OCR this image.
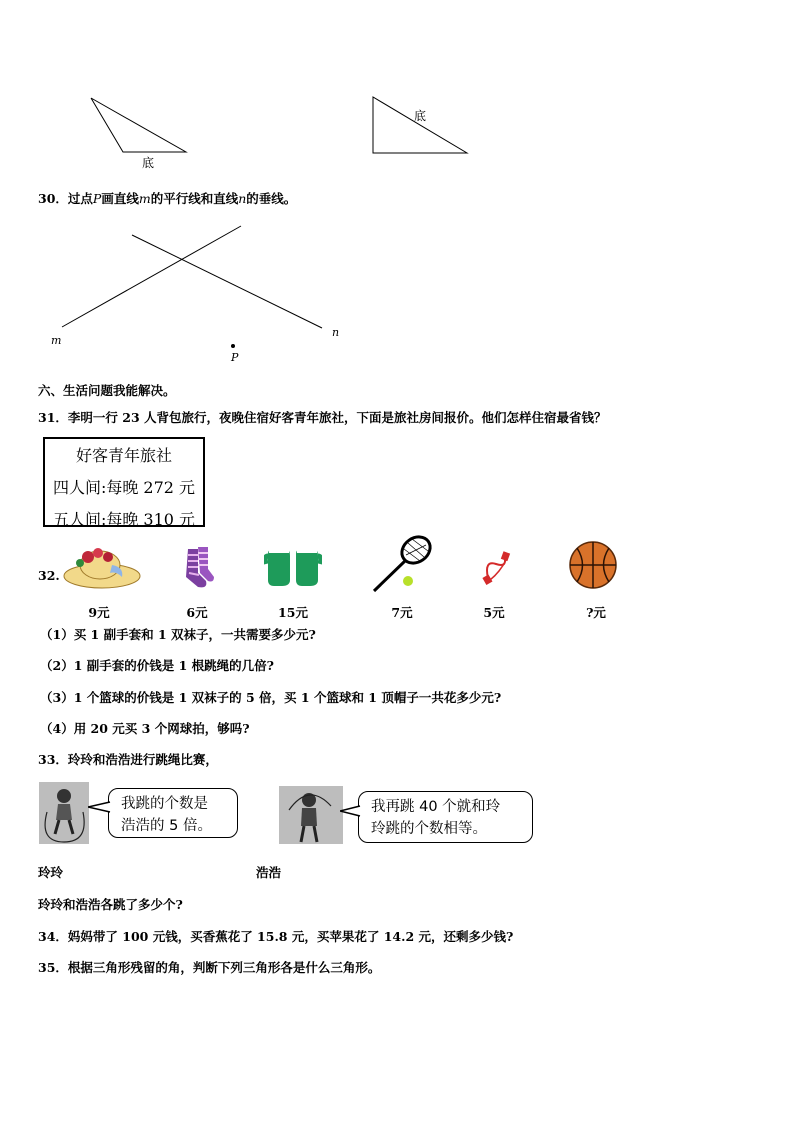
底
底
30．过点P画直线m的平行线和直线n的垂线。
m
n
P
六、生活问题我能解决。
31．李明一行 23 人背包旅行，夜晚住宿好客青年旅社，下面是旅社房间报价。他们怎样住宿最省钱？
好客青年旅社
四人间:每晚 272 元
五人间:每晚 310 元
32.
9元	6元	15元	7元	5元	?元
（1）买 1 副手套和 1 双袜子，一共需要多少元?
（2）1 副手套的价钱是 1 根跳绳的几倍?
（3）1 个篮球的价钱是 1 双袜子的 5 倍，买 1 个篮球和 1 顶帽子一共花多少元?
（4）用 20 元买 3 个网球拍，够吗?
33．玲玲和浩浩进行跳绳比赛，
我跳的个数是
浩浩的 5 倍。
我再跳 40 个就和玲
玲跳的个数相等。
玲玲	浩浩
玲玲和浩浩各跳了多少个?
34．妈妈带了 100 元钱，买香蕉花了 15.8 元，买苹果花了 14.2 元，还剩多少钱?
35．根据三角形残留的角，判断下列三角形各是什么三角形。
